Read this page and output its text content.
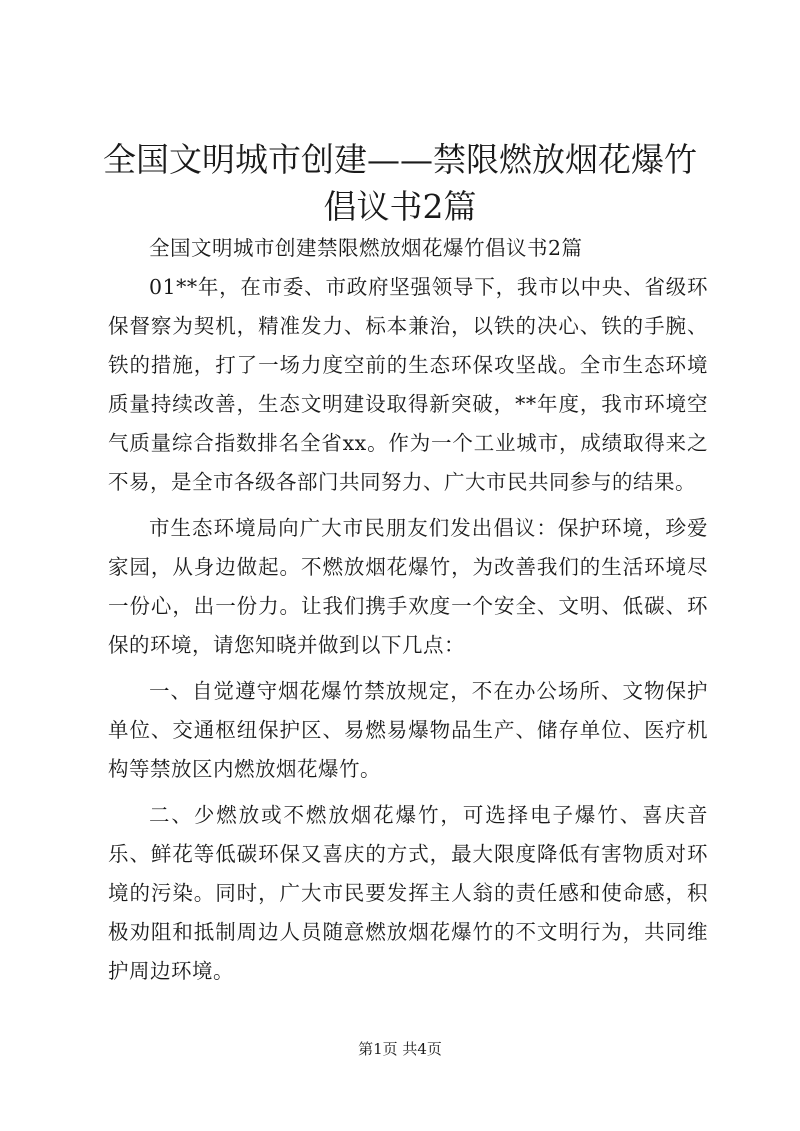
全国文明城市创建——禁限燃放烟花爆竹倡议书2篇

全国文明城市创建禁限燃放烟花爆竹倡议书2篇

01**年，在市委、市政府坚强领导下，我市以中央、省级环保督察为契机，精准发力、标本兼治，以铁的决心、铁的手腕、铁的措施，打了一场力度空前的生态环保攻坚战。全市生态环境质量持续改善，生态文明建设取得新突破，**年度，我市环境空气质量综合指数排名全省xx。作为一个工业城市，成绩取得来之不易，是全市各级各部门共同努力、广大市民共同参与的结果。

市生态环境局向广大市民朋友们发出倡议：保护环境，珍爱家园，从身边做起。不燃放烟花爆竹，为改善我们的生活环境尽一份心，出一份力。让我们携手欢度一个安全、文明、低碳、环保的环境，请您知晓并做到以下几点：

一、自觉遵守烟花爆竹禁放规定，不在办公场所、文物保护单位、交通枢纽保护区、易燃易爆物品生产、储存单位、医疗机构等禁放区内燃放烟花爆竹。

二、少燃放或不燃放烟花爆竹，可选择电子爆竹、喜庆音乐、鲜花等低碳环保又喜庆的方式，最大限度降低有害物质对环境的污染。同时，广大市民要发挥主人翁的责任感和使命感，积极劝阻和抵制周边人员随意燃放烟花爆竹的不文明行为，共同维护周边环境。

第1页 共4页
